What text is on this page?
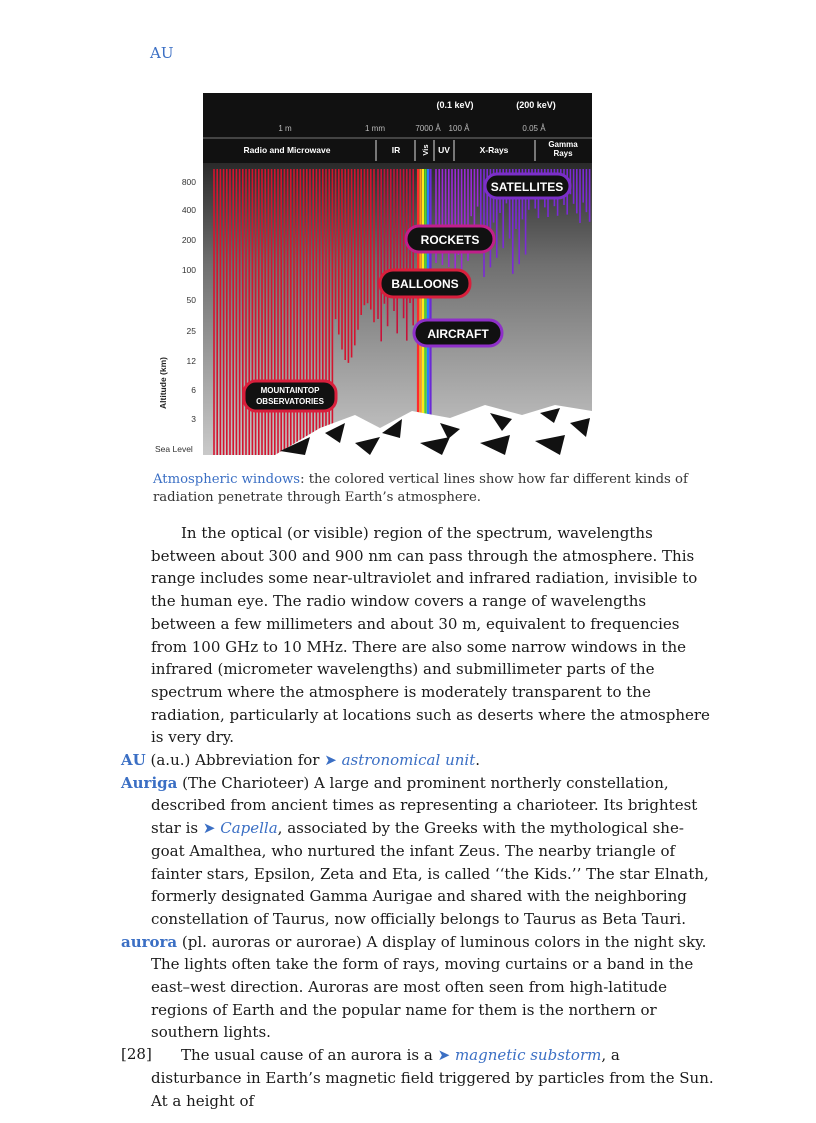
AU
(0.1 keV)	(200 keV)
1 m	1 mm	7000 Å 100 Å	0.05 Å
Radio and Microwave	IR	Vis UV	X-Rays
Gamma
Rays
SATELLITES
ROCKETS
BALLOONS
AIRCRAFT
MOUNTAINTOP
OBSERVATORIES
800
400
200
100
50
25
12
6
3
Sea Level
Altitude (km)
Atmospheric windows: the colored vertical lines show how far different kinds of radiation penetrate through Earth’s atmosphere.
In the optical (or visible) region of the spectrum, wavelengths between about 300 and 900 nm can pass through the atmosphere. This range includes some near-ultraviolet and infrared radiation, invisible to the human eye. The radio window covers a range of wavelengths between a few millimeters and about 30 m, equivalent to frequencies from 100 GHz to 10 MHz. There are also some narrow windows in the infrared (micrometer wavelengths) and submillimeter parts of the spectrum where the atmosphere is moderately transparent to the radiation, particularly at locations such as deserts where the atmosphere is very dry.
AU (a.u.) Abbreviation for ➤ astronomical unit.
Auriga (The Charioteer) A large and prominent northerly constellation, described from ancient times as representing a charioteer. Its brightest star is ➤ Capella, associated by the Greeks with the mythological she-goat Amalthea, who nurtured the infant Zeus. The nearby triangle of fainter stars, Epsilon, Zeta and Eta, is called ‘‘the Kids.’’ The star Elnath, formerly designated Gamma Aurigae and shared with the neighboring constellation of Taurus, now officially belongs to Taurus as Beta Tauri.
aurora (pl. auroras or aurorae) A display of luminous colors in the night sky. The lights often take the form of rays, moving curtains or a band in the east–west direction. Auroras are most often seen from high-latitude regions of Earth and the popular name for them is the northern or southern lights.
The usual cause of an aurora is a ➤ magnetic substorm, a disturbance in Earth’s magnetic field triggered by particles from the Sun. At a height of
[28]
